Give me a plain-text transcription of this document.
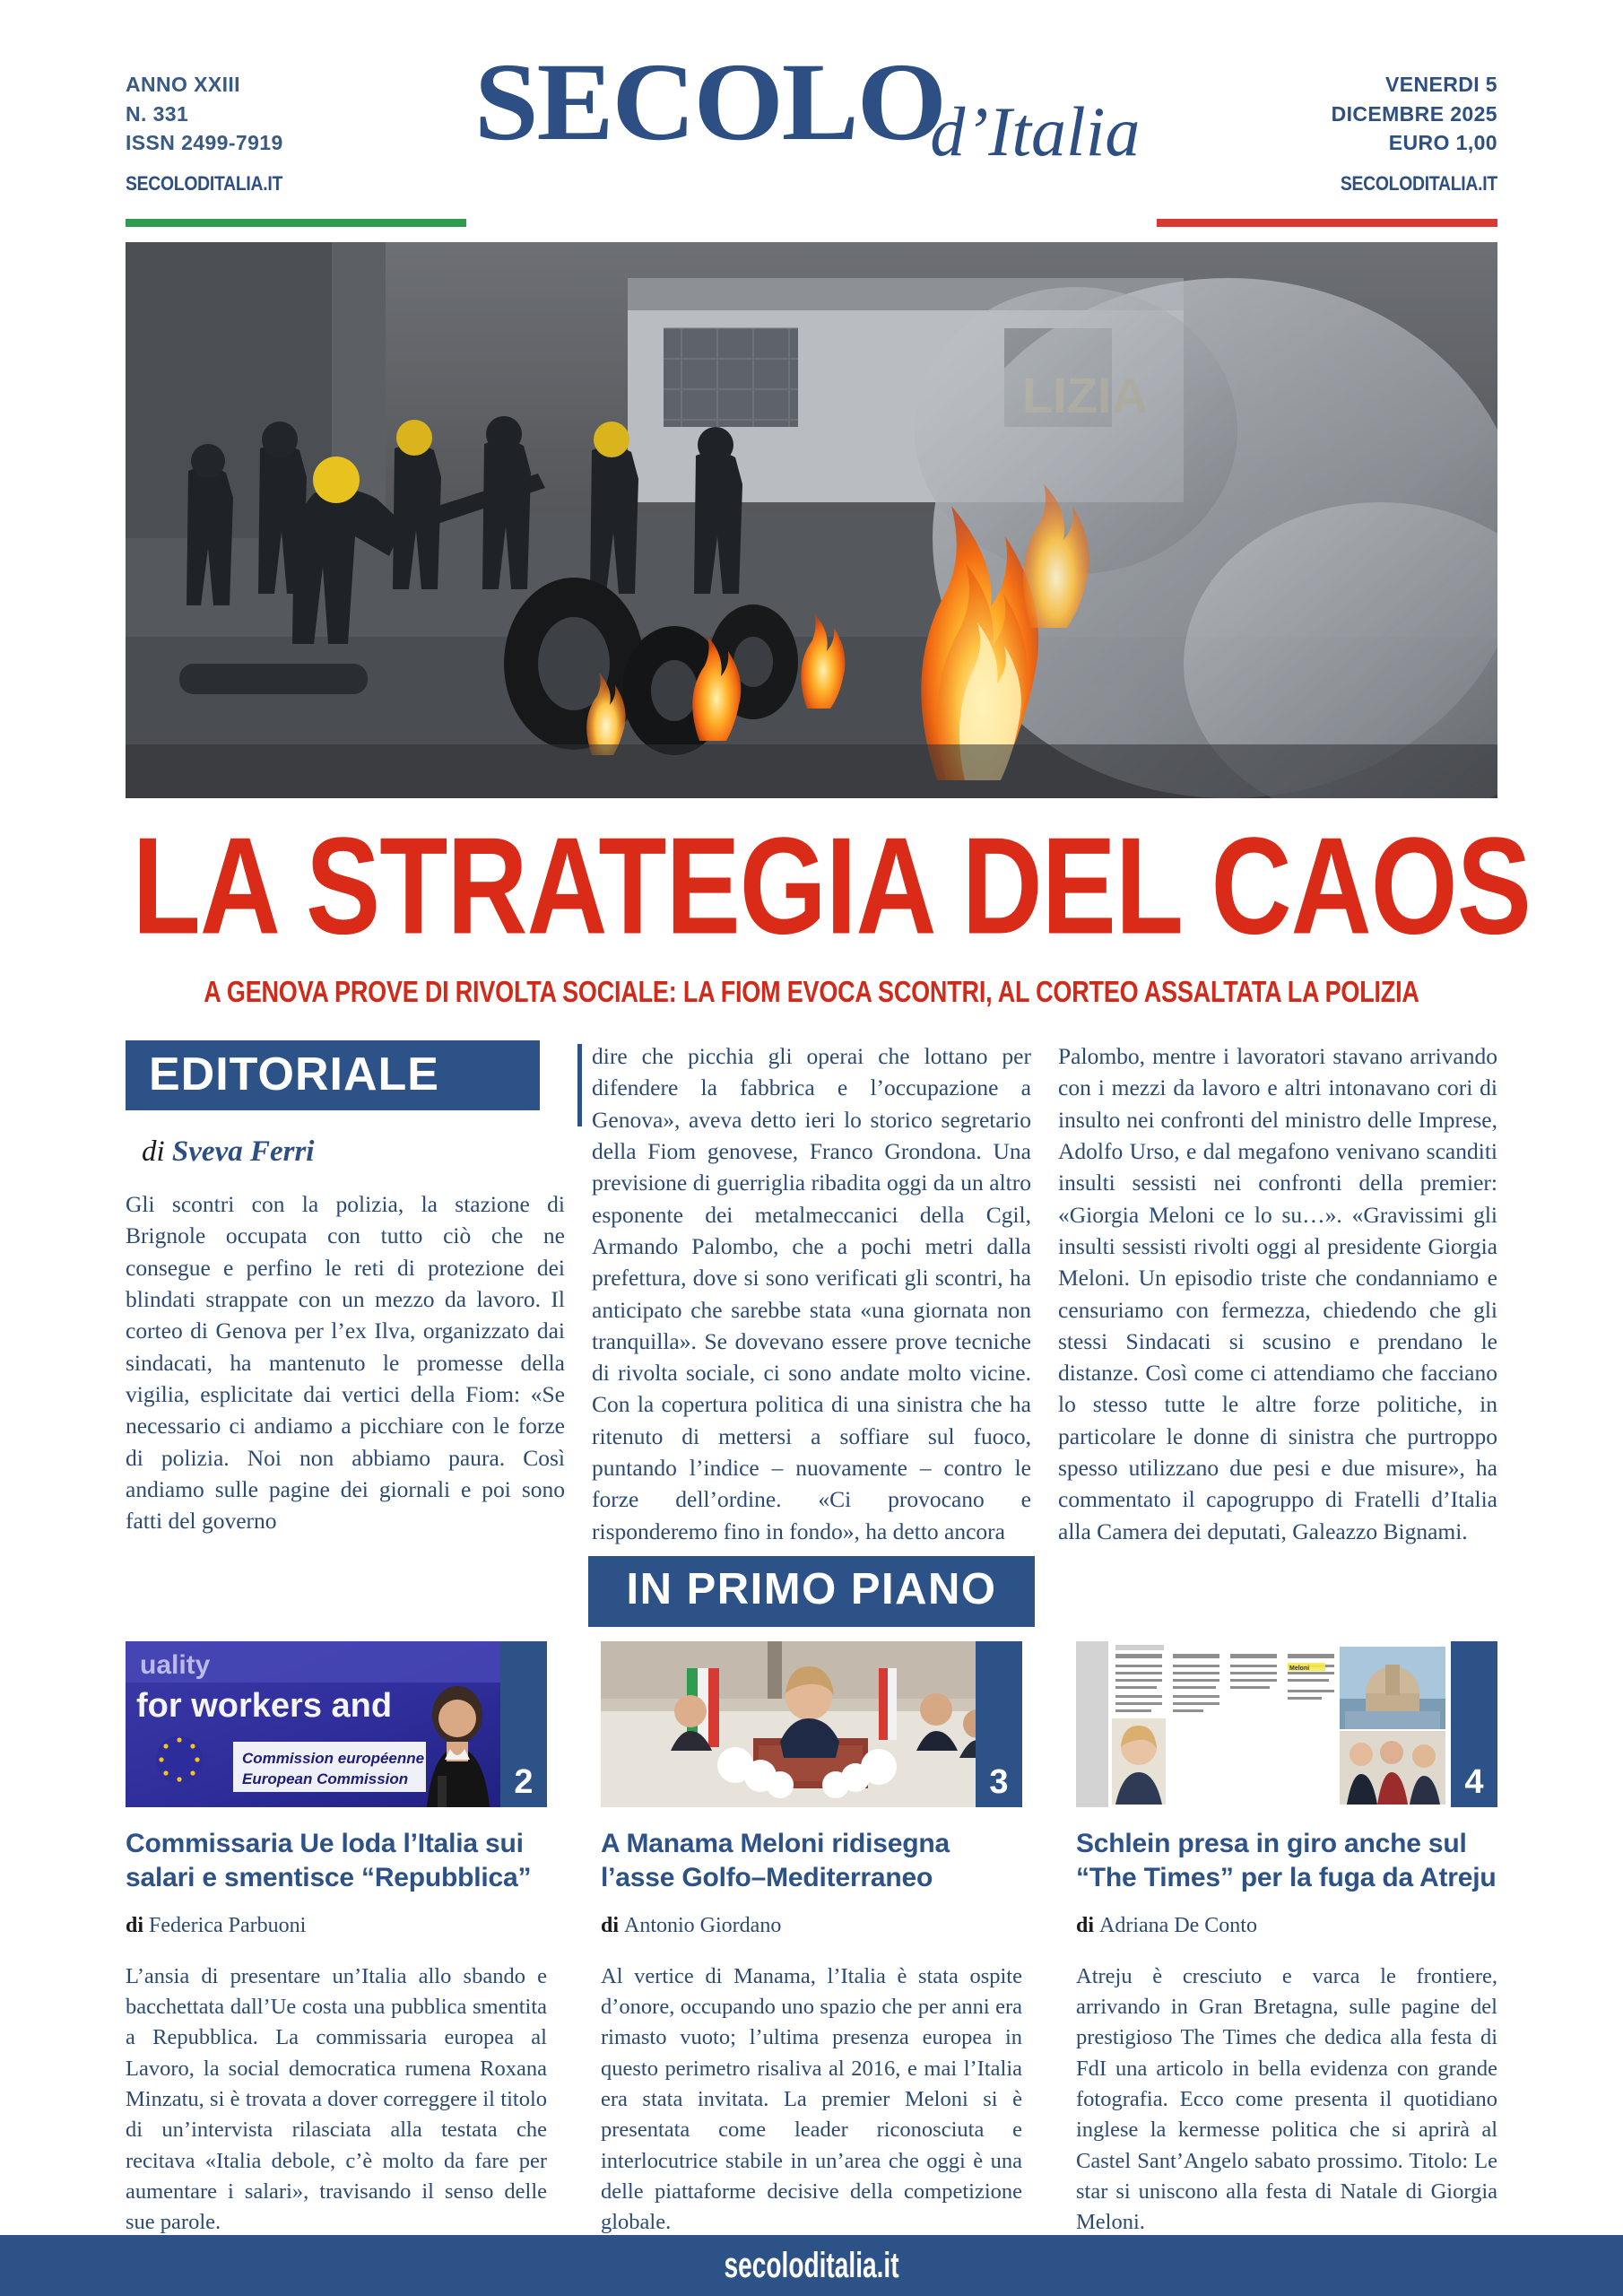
ANNO XXIII
N. 331
ISSN 2499-7919
VENERDI 5
DICEMBRE 2025
EURO 1,00
SECOLOd’Italia
SECOLODITALIA.IT	SECOLODITALIA.IT
LA STRATEGIA DEL CAOS
A GENOVA PROVE DI RIVOLTA SOCIALE: LA FIOM EVOCA SCONTRI, AL CORTEO ASSALTATA LA POLIZIA
EDITORIALE
di Sveva Ferri

Gli scontri con la polizia, la stazione di Brignole occupata con tutto ciò che ne consegue e perfino le reti di protezione dei blindati strappate con un mezzo da lavoro. Il corteo di Genova per l’ex Ilva, organizzato dai sindacati, ha mantenuto le promesse della vigilia, esplicitate dai vertici della Fiom: «Se necessario ci andiamo a picchiare con le forze di polizia. Noi non abbiamo paura. Così andiamo sulle pagine dei giornali e poi sono fatti del governo

dire che picchia gli operai che lottano per difendere la fabbrica e l’occupazione a Genova», aveva detto ieri lo storico segretario della Fiom genovese, Franco Grondona. Una previsione di guerriglia ribadita oggi da un altro esponente dei metalmeccanici della Cgil, Armando Palombo, che a pochi metri dalla prefettura, dove si sono verificati gli scontri, ha anticipato che sarebbe stata «una giornata non tranquilla». Se dovevano essere prove tecniche di rivolta sociale, ci sono andate molto vicine. Con la copertura politica di una sinistra che ha ritenuto di mettersi a soffiare sul fuoco, puntando l’indice – nuovamente – contro le forze dell’ordine. «Ci provocano e risponderemo fino in fondo», ha detto ancora

Palombo, mentre i lavoratori stavano arrivando con i mezzi da lavoro e altri intonavano cori di insulto nei confronti del ministro delle Imprese, Adolfo Urso, e dal megafono venivano scanditi insulti sessisti nei confronti della premier: «Giorgia Meloni ce lo su…». «Gravissimi gli insulti sessisti rivolti oggi al presidente Giorgia Meloni. Un episodio triste che condanniamo e censuriamo con fermezza, chiedendo che gli stessi Sindacati si scusino e prendano le distanze. Così come ci attendiamo che facciano lo stesso tutte le altre forze politiche, in particolare le donne di sinistra che purtroppo spesso utilizzano due pesi e due misure», ha commentato il capogruppo di Fratelli d’Italia alla Camera dei deputati, Galeazzo Bignami.

IN PRIMO PIANO
uality
for workers and
Commission européenne
European Commission	2
Commissaria Ue loda l’Italia sui salari e smentisce “Repubblica”
di Federica Parbuoni

L’ansia di presentare un’Italia allo sbando e bacchettata dall’Ue costa una pubblica smentita a Repubblica. La commissaria europea al Lavoro, la social democratica rumena Roxana Minzatu, si è trovata a dover correggere il titolo di un’intervista rilasciata alla testata che recitava «Italia debole, c’è molto da fare per aumentare i salari», travisando il senso delle sue parole.

3
A Manama Meloni ridisegna l’asse Golfo–Mediterraneo
di Antonio Giordano

Al vertice di Manama, l’Italia è stata ospite d’onore, occupando uno spazio che per anni era rimasto vuoto; l’ultima presenza europea in questo perimetro risaliva al 2016, e mai l’Italia era stata invitata. La premier Meloni si è presentata come leader riconosciuta e interlocutrice stabile in un’area che oggi è una delle piattaforme decisive della competizione globale.

Meloni
4
Schlein presa in giro anche sul “The Times” per la fuga da Atreju
di Adriana De Conto

Atreju è cresciuto e varca le frontiere, arrivando in Gran Bretagna, sulle pagine del prestigioso The Times che dedica alla festa di FdI una articolo in bella evidenza con grande fotografia. Ecco come presenta il quotidiano inglese la kermesse politica che si aprirà al Castel Sant’Angelo sabato prossimo. Titolo: Le star si uniscono alla festa di Natale di Giorgia Meloni.

secoloditalia.it
